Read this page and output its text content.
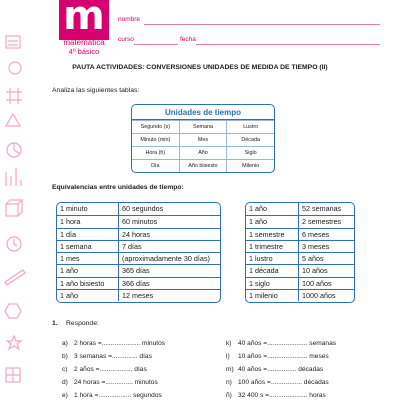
m
matemática
4º básico
nombre
curso	fecha
PAUTA ACTIVIDADES: CONVERSIONES UNIDADES DE MEDIDA DE TIEMPO (II)
Analiza las siguientes tablas:
Unidades de tiempo
Segundo (s)	Semana	Lustro
Minuto (min)	Mes	Década
Hora (h)	Año	Siglo
Día	Año bisiesto	Milenio
Equivalencias entre unidades de tiempo:
1 minuto	60 segundos
1 hora	60 minutos
1 día	24 horas
1 semana	7 días
1 mes	(aproximadamente 30 días)
1 año	365 días
1 año bisiesto	366 días
1 año	12 meses
1 año	52 semanas
1 año	2 semestres
1 semestre	6 meses
1 trimestre	3 meses
1 lustro	5 años
1 década	10 años
1 siglo	100 años
1 milenio	1000 años
1. Responde:
a) 2 horas =..................... minutos
b) 3 semanas =.............. días
c) 2 años =.................. días
d) 24 horas =............... minutos
e) 1 hora =.................. segundos
k) 40 años =...................... semanas
l) 10 años =...................... meses
m) 40 años =................ décadas
n) 100 años =................. décadas
ñ) 32 400 s =..................... horas
